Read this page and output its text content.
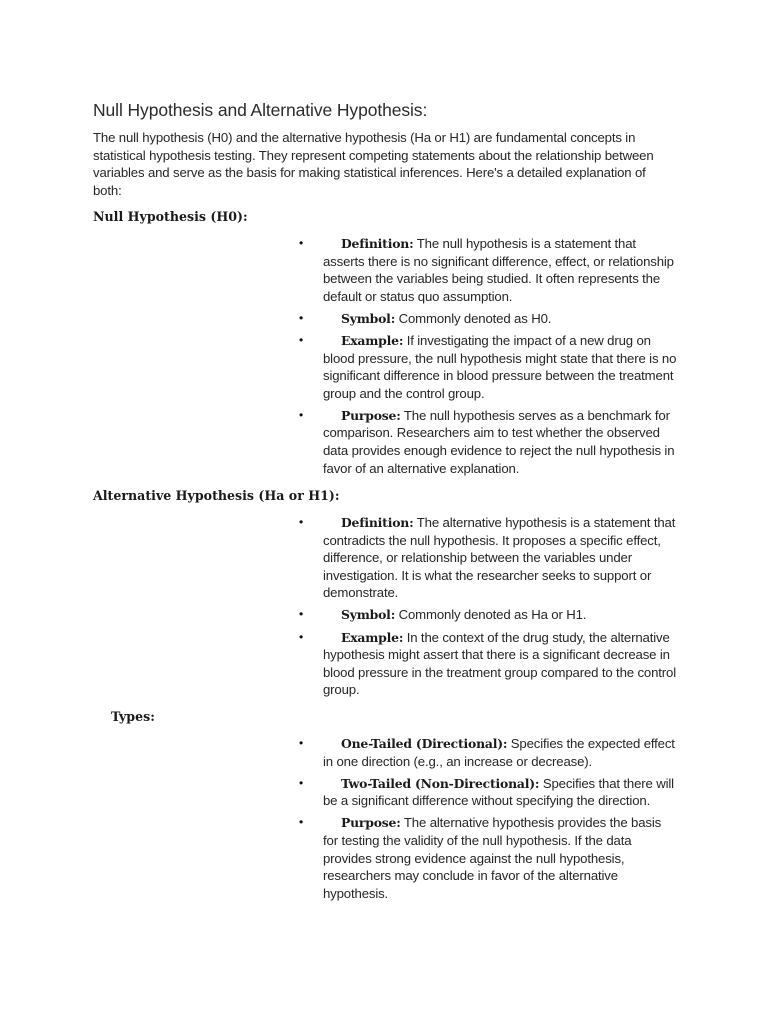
Null Hypothesis and Alternative Hypothesis:

The null hypothesis (H0) and the alternative hypothesis (Ha or H1) are fundamental concepts in statistical hypothesis testing. They represent competing statements about the relationship between variables and serve as the basis for making statistical inferences. Here's a detailed explanation of both:

Null Hypothesis (H0):
•	Definition: The null hypothesis is a statement that asserts there is no significant difference, effect, or relationship between the variables being studied. It often represents the default or status quo assumption.
•	Symbol: Commonly denoted as H0.
•	Example: If investigating the impact of a new drug on blood pressure, the null hypothesis might state that there is no significant difference in blood pressure between the treatment group and the control group.
•	Purpose: The null hypothesis serves as a benchmark for comparison. Researchers aim to test whether the observed data provides enough evidence to reject the null hypothesis in favor of an alternative explanation.
Alternative Hypothesis (Ha or H1):
•	Definition: The alternative hypothesis is a statement that contradicts the null hypothesis. It proposes a specific effect, difference, or relationship between the variables under investigation. It is what the researcher seeks to support or demonstrate.
•	Symbol: Commonly denoted as Ha or H1.
•	Example: In the context of the drug study, the alternative hypothesis might assert that there is a significant decrease in blood pressure in the treatment group compared to the control group.
Types:
•	One-Tailed (Directional): Specifies the expected effect in one direction (e.g., an increase or decrease).
•	Two-Tailed (Non-Directional): Specifies that there will be a significant difference without specifying the direction.
•	Purpose: The alternative hypothesis provides the basis for testing the validity of the null hypothesis. If the data provides strong evidence against the null hypothesis, researchers may conclude in favor of the alternative hypothesis.
